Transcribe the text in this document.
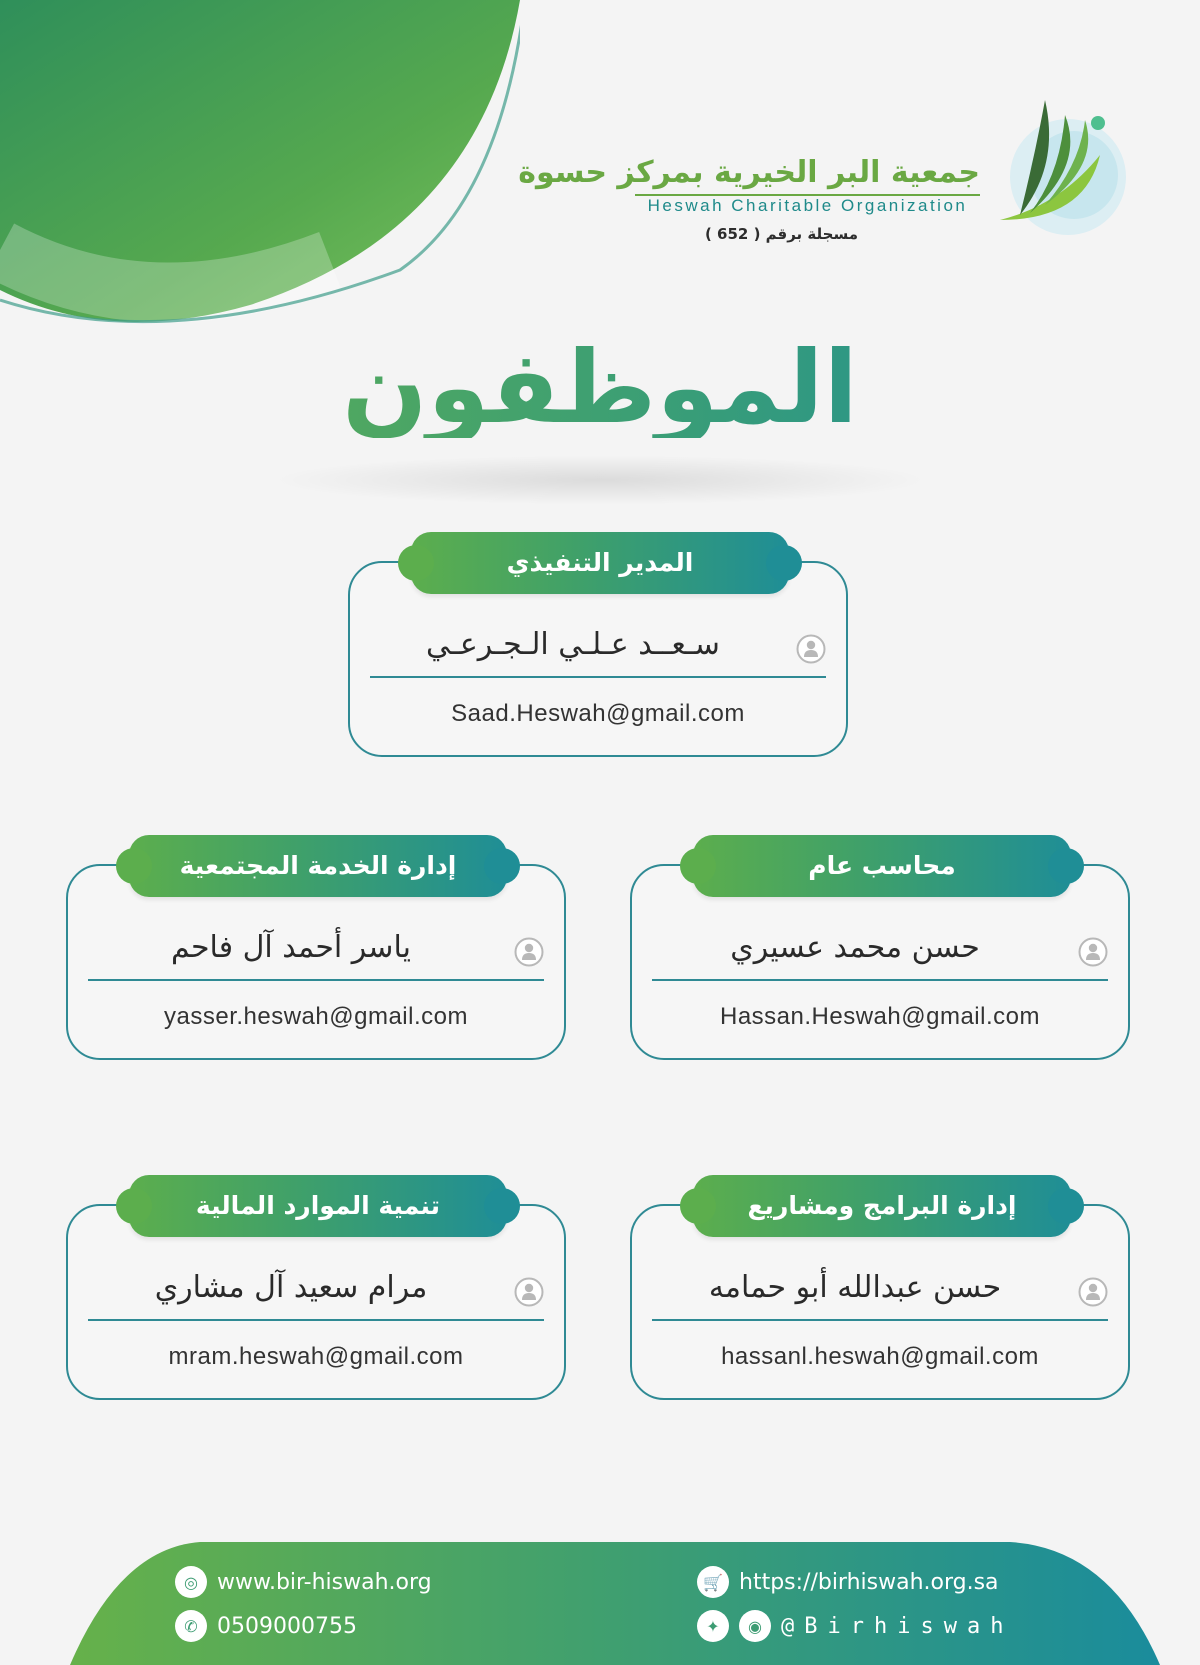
جمعية البر الخيرية بمركز حسوة
Heswah Charitable Organization
مسجلة برقم ( 652 )
الموظفون
المدير التنفيذي
سـعــد عـلـي الـجـرعـي
Saad.Heswah@gmail.com
محاسب عام
حسن محمد عسيري
Hassan.Heswah@gmail.com
إدارة الخدمة المجتمعية
ياسر أحمد آل فاحم
yasser.heswah@gmail.com
إدارة البرامج ومشاريع
حسن عبدالله أبو حمامه
hassanl.heswah@gmail.com
تنمية الموارد المالية
مرام سعيد آل مشاري
mram.heswah@gmail.com
◎ www.bir-hiswah.org
✆ 0509000755
🛒 https://birhiswah.org.sa
✦	◉ @Birhiswah
